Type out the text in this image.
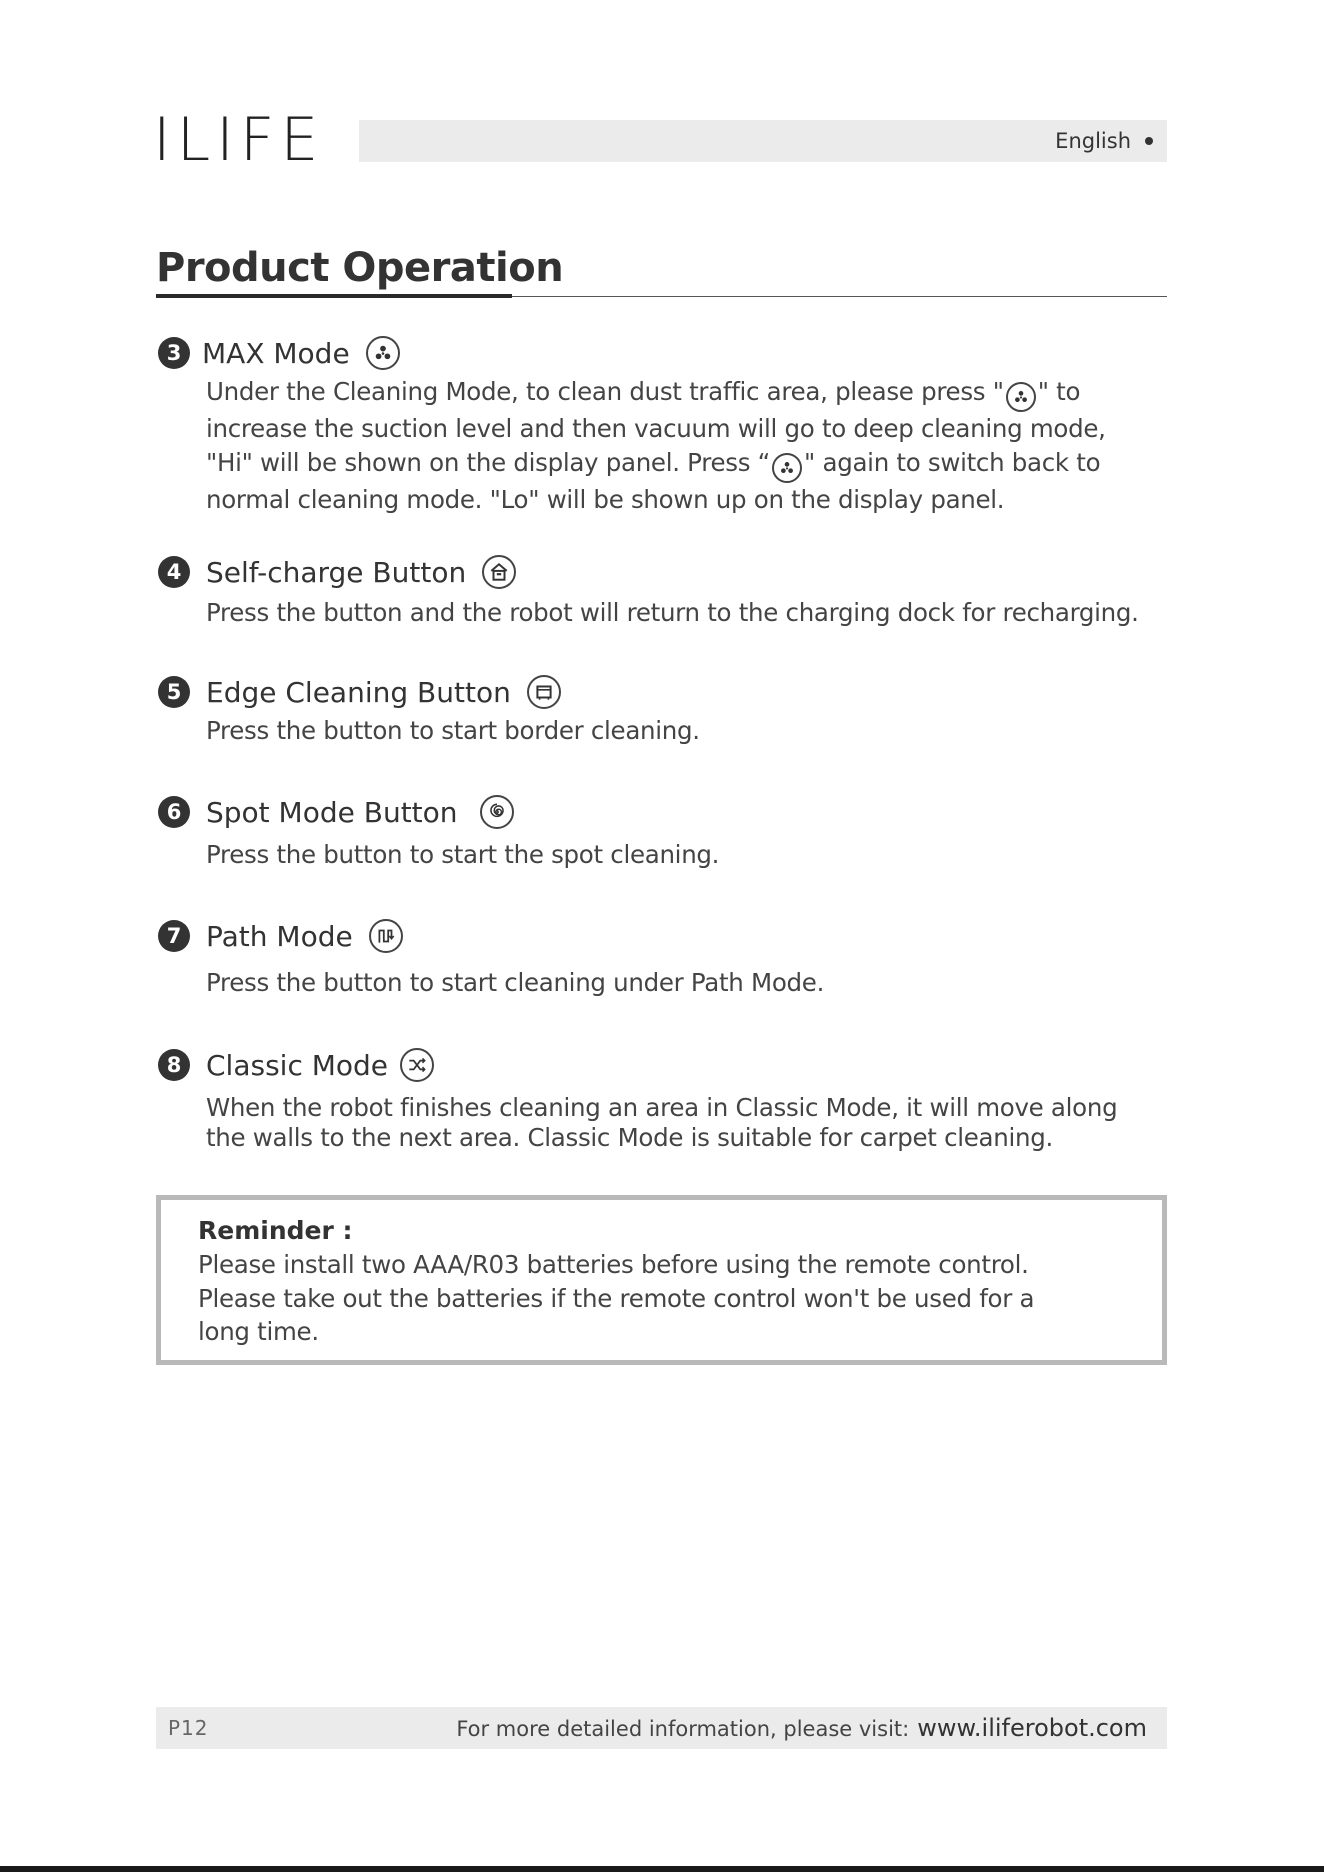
ILIFE	English
Product Operation
3 MAX Mode
Under the Cleaning Mode, to clean dust traffic area, please press " " to
increase the suction level and then vacuum will go to deep cleaning mode,
"Hi" will be shown on the display panel. Press “ " again to switch back to
normal cleaning mode. "Lo" will be shown up on the display panel.
4 Self-charge Button
Press the button and the robot will return to the charging dock for recharging.
5 Edge Cleaning Button
Press the button to start border cleaning.
6 Spot Mode Button
Press the button to start the spot cleaning.
7 Path Mode
Press the button to start cleaning under Path Mode.
8 Classic Mode
When the robot finishes cleaning an area in Classic Mode, it will move along
the walls to the next area. Classic Mode is suitable for carpet cleaning.
Reminder :
Please install two AAA/R03 batteries before using the remote control.
Please take out the batteries if the remote control won't be used for a
long time.
P12	For more detailed information, please visit: www.iliferobot.com
